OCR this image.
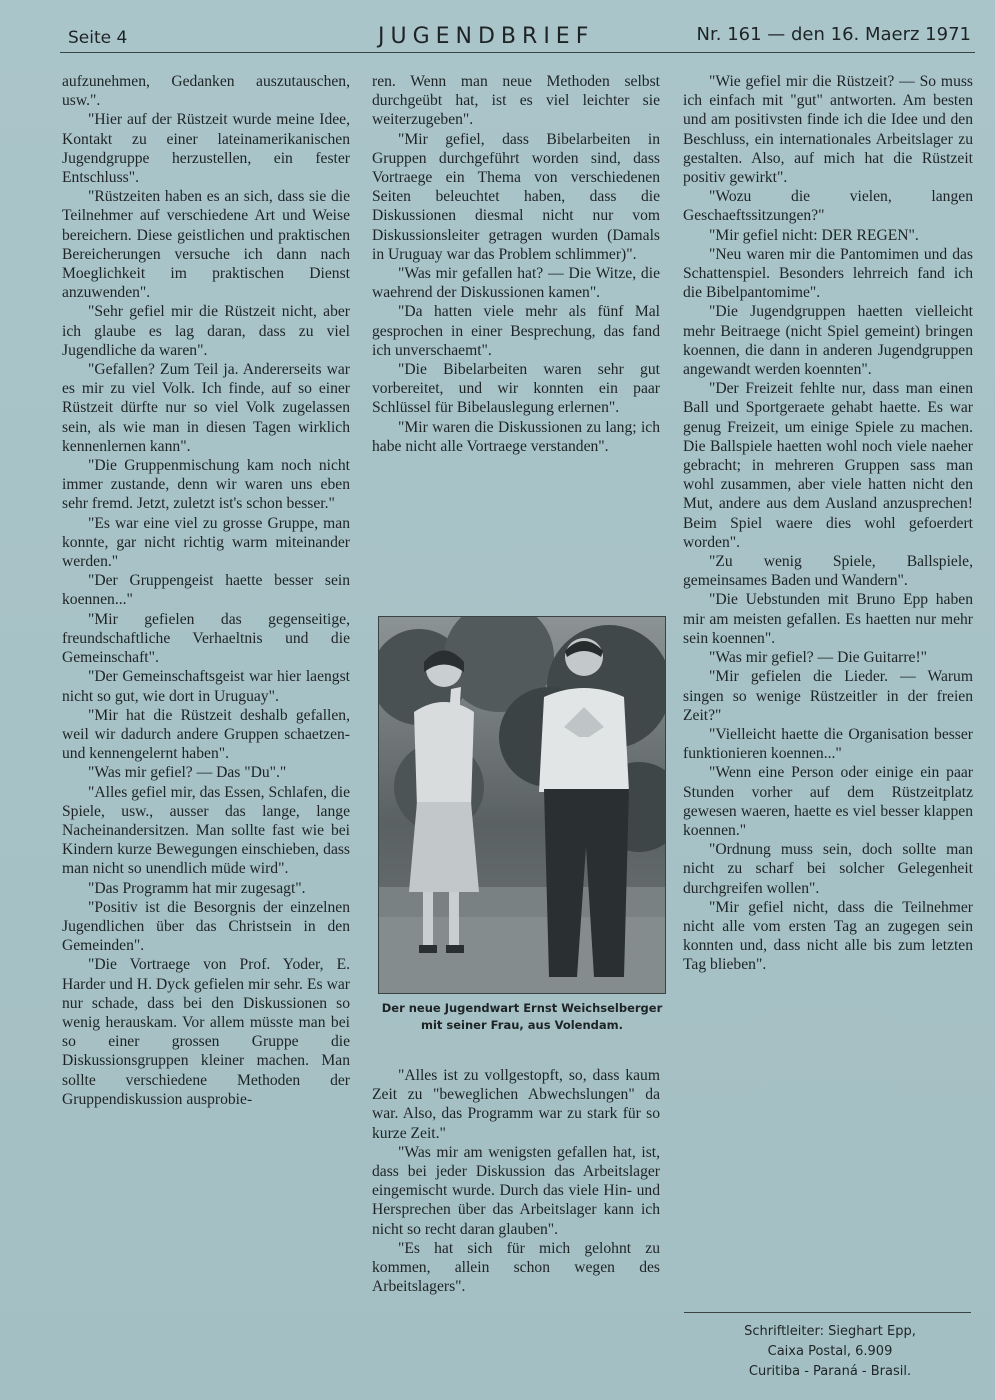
Seite 4	JUGENDBRIEF	Nr. 161 — den 16. Maerz 1971

aufzunehmen, Gedanken auszutauschen, usw.".

"Hier auf der Rüstzeit wurde meine Idee, Kontakt zu einer lateinamerikanischen Jugendgruppe herzustellen, ein fester Entschluss".

"Rüstzeiten haben es an sich, dass sie die Teilnehmer auf verschiedene Art und Weise bereichern. Diese geistlichen und praktischen Bereicherungen versuche ich dann nach Moeglichkeit im praktischen Dienst anzuwenden".

"Sehr gefiel mir die Rüstzeit nicht, aber ich glaube es lag daran, dass zu viel Jugendliche da waren".

"Gefallen? Zum Teil ja. Andererseits war es mir zu viel Volk. Ich finde, auf so einer Rüstzeit dürfte nur so viel Volk zugelassen sein, als wie man in diesen Tagen wirklich kennenlernen kann".

"Die Gruppenmischung kam noch nicht immer zustande, denn wir waren uns eben sehr fremd. Jetzt, zuletzt ist's schon besser."

"Es war eine viel zu grosse Gruppe, man konnte, gar nicht richtig warm miteinander werden."

"Der Gruppengeist haette besser sein koennen..."

"Mir gefielen das gegenseitige, freundschaftliche Verhaeltnis und die Gemeinschaft".

"Der Gemeinschaftsgeist war hier laengst nicht so gut, wie dort in Uruguay".

"Mir hat die Rüstzeit deshalb gefallen, weil wir dadurch andere Gruppen schaetzen- und kennengelernt haben".

"Was mir gefiel? — Das "Du"."

"Alles gefiel mir, das Essen, Schlafen, die Spiele, usw., ausser das lange, lange Nacheinandersitzen. Man sollte fast wie bei Kindern kurze Bewegungen einschieben, dass man nicht so unendlich müde wird".

"Das Programm hat mir zugesagt".

"Positiv ist die Besorgnis der einzelnen Jugendlichen über das Christsein in den Gemeinden".

"Die Vortraege von Prof. Yoder, E. Harder und H. Dyck gefielen mir sehr. Es war nur schade, dass bei den Diskussionen so wenig herauskam. Vor allem müsste man bei so einer grossen Gruppe die Diskussionsgruppen kleiner machen. Man sollte verschiedene Methoden der Gruppendiskussion ausprobie-

ren. Wenn man neue Methoden selbst durchgeübt hat, ist es viel leichter sie weiterzugeben".

"Mir gefiel, dass Bibelarbeiten in Gruppen durchgeführt worden sind, dass Vortraege ein Thema von verschiedenen Seiten beleuchtet haben, dass die Diskussionen diesmal nicht nur vom Diskussionsleiter getragen wurden (Damals in Uruguay war das Problem schlimmer)".

"Was mir gefallen hat? — Die Witze, die waehrend der Diskussionen kamen".

"Da hatten viele mehr als fünf Mal gesprochen in einer Besprechung, das fand ich unverschaemt".

"Die Bibelarbeiten waren sehr gut vorbereitet, und wir konnten ein paar Schlüssel für Bibelauslegung erlernen".

"Mir waren die Diskussionen zu lang; ich habe nicht alle Vortraege verstanden".

Der neue Jugendwart Ernst Weichselberger mit seiner Frau, aus Volendam.

"Alles ist zu vollgestopft, so, dass kaum Zeit zu "beweglichen Abwechslungen" da war. Also, das Programm war zu stark für so kurze Zeit."

"Was mir am wenigsten gefallen hat, ist, dass bei jeder Diskussion das Arbeitslager eingemischt wurde. Durch das viele Hin- und Hersprechen über das Arbeitslager kann ich nicht so recht daran glauben".

"Es hat sich für mich gelohnt zu kommen, allein schon wegen des Arbeitslagers".

"Wie gefiel mir die Rüstzeit? — So muss ich einfach mit "gut" antworten. Am besten und am positivsten finde ich die Idee und den Beschluss, ein internationales Arbeitslager zu gestalten. Also, auf mich hat die Rüstzeit positiv gewirkt".

"Wozu die vielen, langen Geschaeftssitzungen?"

"Mir gefiel nicht: DER REGEN".

"Neu waren mir die Pantomimen und das Schattenspiel. Besonders lehrreich fand ich die Bibelpantomime".

"Die Jugendgruppen haetten vielleicht mehr Beitraege (nicht Spiel gemeint) bringen koennen, die dann in anderen Jugendgruppen angewandt werden koennten".

"Der Freizeit fehlte nur, dass man einen Ball und Sportgeraete gehabt haette. Es war genug Freizeit, um einige Spiele zu machen. Die Ballspiele haetten wohl noch viele naeher gebracht; in mehreren Gruppen sass man wohl zusammen, aber viele hatten nicht den Mut, andere aus dem Ausland anzusprechen! Beim Spiel waere dies wohl gefoerdert worden".

"Zu wenig Spiele, Ballspiele, gemeinsames Baden und Wandern".

"Die Uebstunden mit Bruno Epp haben mir am meisten gefallen. Es haetten nur mehr sein koennen".

"Was mir gefiel? — Die Guitarre!"

"Mir gefielen die Lieder. — Warum singen so wenige Rüstzeitler in der freien Zeit?"

"Vielleicht haette die Organisation besser funktionieren koennen..."

"Wenn eine Person oder einige ein paar Stunden vorher auf dem Rüstzeitplatz gewesen waeren, haette es viel besser klappen koennen."

"Ordnung muss sein, doch sollte man nicht zu scharf bei solcher Gelegenheit durchgreifen wollen".

"Mir gefiel nicht, dass die Teilnehmer nicht alle vom ersten Tag an zugegen sein konnten und, dass nicht alle bis zum letzten Tag blieben".

Schriftleiter: Sieghart Epp,
Caixa Postal, 6.909
Curitiba - Paraná - Brasil.
